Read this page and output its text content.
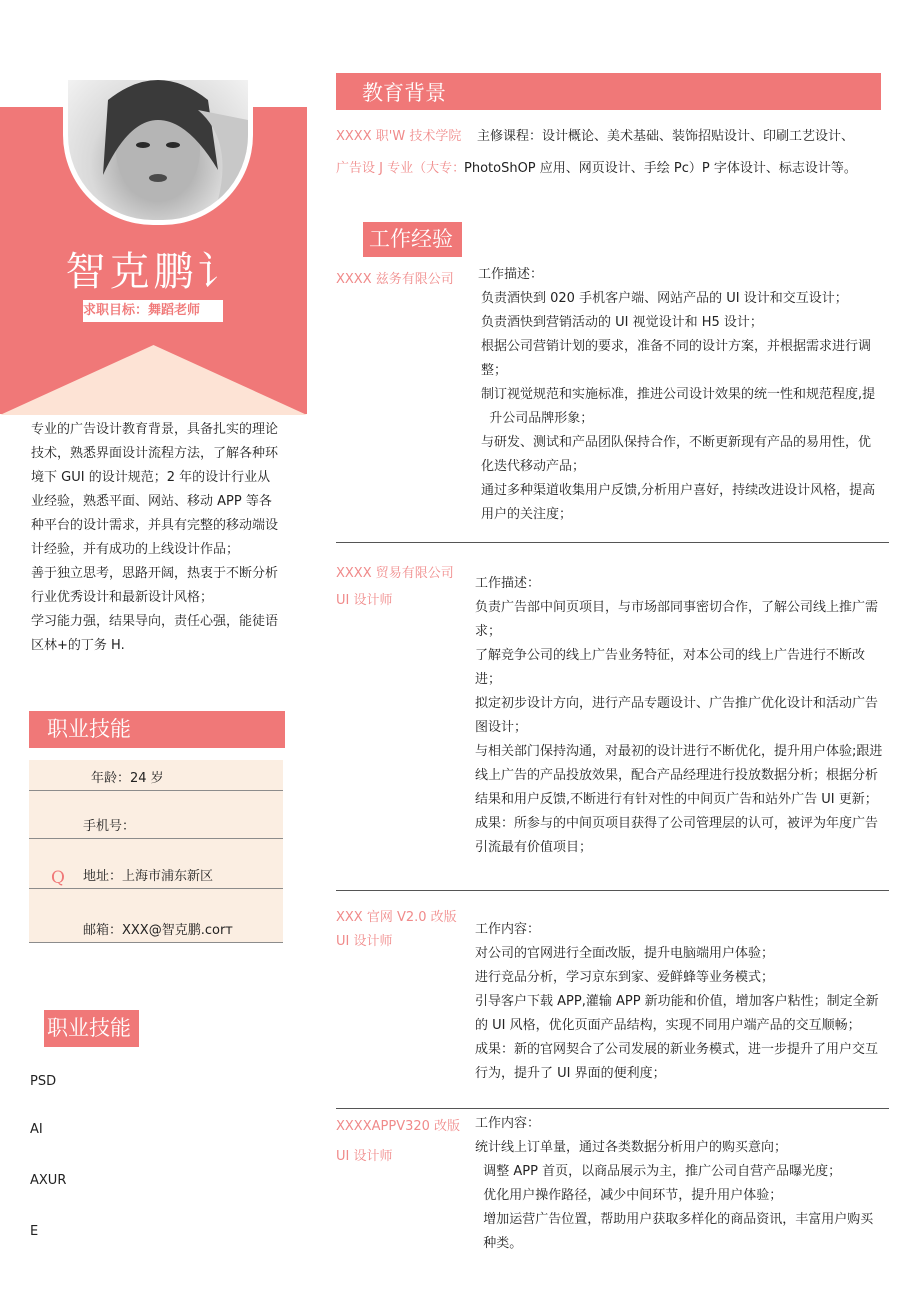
智克鹏讠
求职目标：舞蹈老师

专业的广告设计教育背景，具备扎实的理论技术，熟悉界面设计流程方法，了解各种环境下 GUI 的设计规范；2 年的设计行业从业经验，熟悉平面、网站、移动 APP 等各种平台的设计需求，并具有完整的移动端设计经验，并有成功的上线设计作品；

善于独立思考，思路开阔，热衷于不断分析行业优秀设计和最新设计风格；

学习能力强，结果导向，责任心强，能徒语区林+的丁务 H.

职业技能
年龄：24 岁
手机号：
Q 地址：上海市浦东新区
邮箱：XXX@智克鹏.corт
职业技能
PSD
AI
AXUR
E
教育背景
XXXX 职'W 技术学院 主修课程：设计概论、美术基础、装饰招贴设计、印刷工艺设计、
广告设 J 专业（大专：
PhotoShOP 应用、网页设计、手绘 Pc）P 字体设计、标志设计等。
工作经验
XXXX 兹务有限公司 工作描述：

负责酒快到 020 手机客户端、网站产品的 UI 设计和交互设计；

负责酒快到营销活动的 UI 视觉设计和 H5 设计；

根据公司营销计划的要求，准备不同的设计方案，并根据需求进行调

整；

制订视觉规范和实施标准，推进公司设计效果的统一性和规范程度,提

升公司品牌形象；

与研发、测试和产品团队保持合作，不断更新现有产品的易用性，优

化迭代移动产品；

通过多种渠道收集用户反馈,分析用户喜好，持续改进设计风格，提高

用户的关注度；

XXXX 贸易有限公司
UI 设计师

工作描述：

负责广告部中间页项目，与市场部同事密切合作，了解公司线上推广需

求；

了解竞争公司的线上广告业务特征，对本公司的线上广告进行不断改

进；

拟定初步设计方向，进行产品专题设计、广告推广优化设计和活动广告

图设计；

与相关部门保持沟通，对最初的设计进行不断优化，提升用户体验;跟进

线上广告的产品投放效果，配合产品经理进行投放数据分析；根据分析

结果和用户反馈,不断进行有针对性的中间页广告和站外广告 UI 更新；

成果：所参与的中间页项目获得了公司管理层的认可，被评为年度广告

引流最有价值项目；

XXX 官网 V2.0 改版
UI 设计师

工作内容：

对公司的官网进行全面改版，提升电脑端用户体验；

进行竞品分析，学习京东到家、爱鲜蜂等业务模式；

引导客户下载 APP,灌输 APP 新功能和价值，增加客户粘性；制定全新

的 UI 风格，优化页面产品结构，实现不同用户端产品的交互顺畅；

成果：新的官网契合了公司发展的新业务模式，进一步提升了用户交互

行为，提升了 UI 界面的便利度；

XXXXAPPV320 改版
UI 设计师

工作内容：

统计线上订单量，通过各类数据分析用户的购买意向；

调整 APP 首页，以商品展示为主，推广公司自营产品曝光度；

优化用户操作路径，减少中间环节，提升用户体验；

增加运营广告位置，帮助用户获取多样化的商品资讯，丰富用户购买

种类。
